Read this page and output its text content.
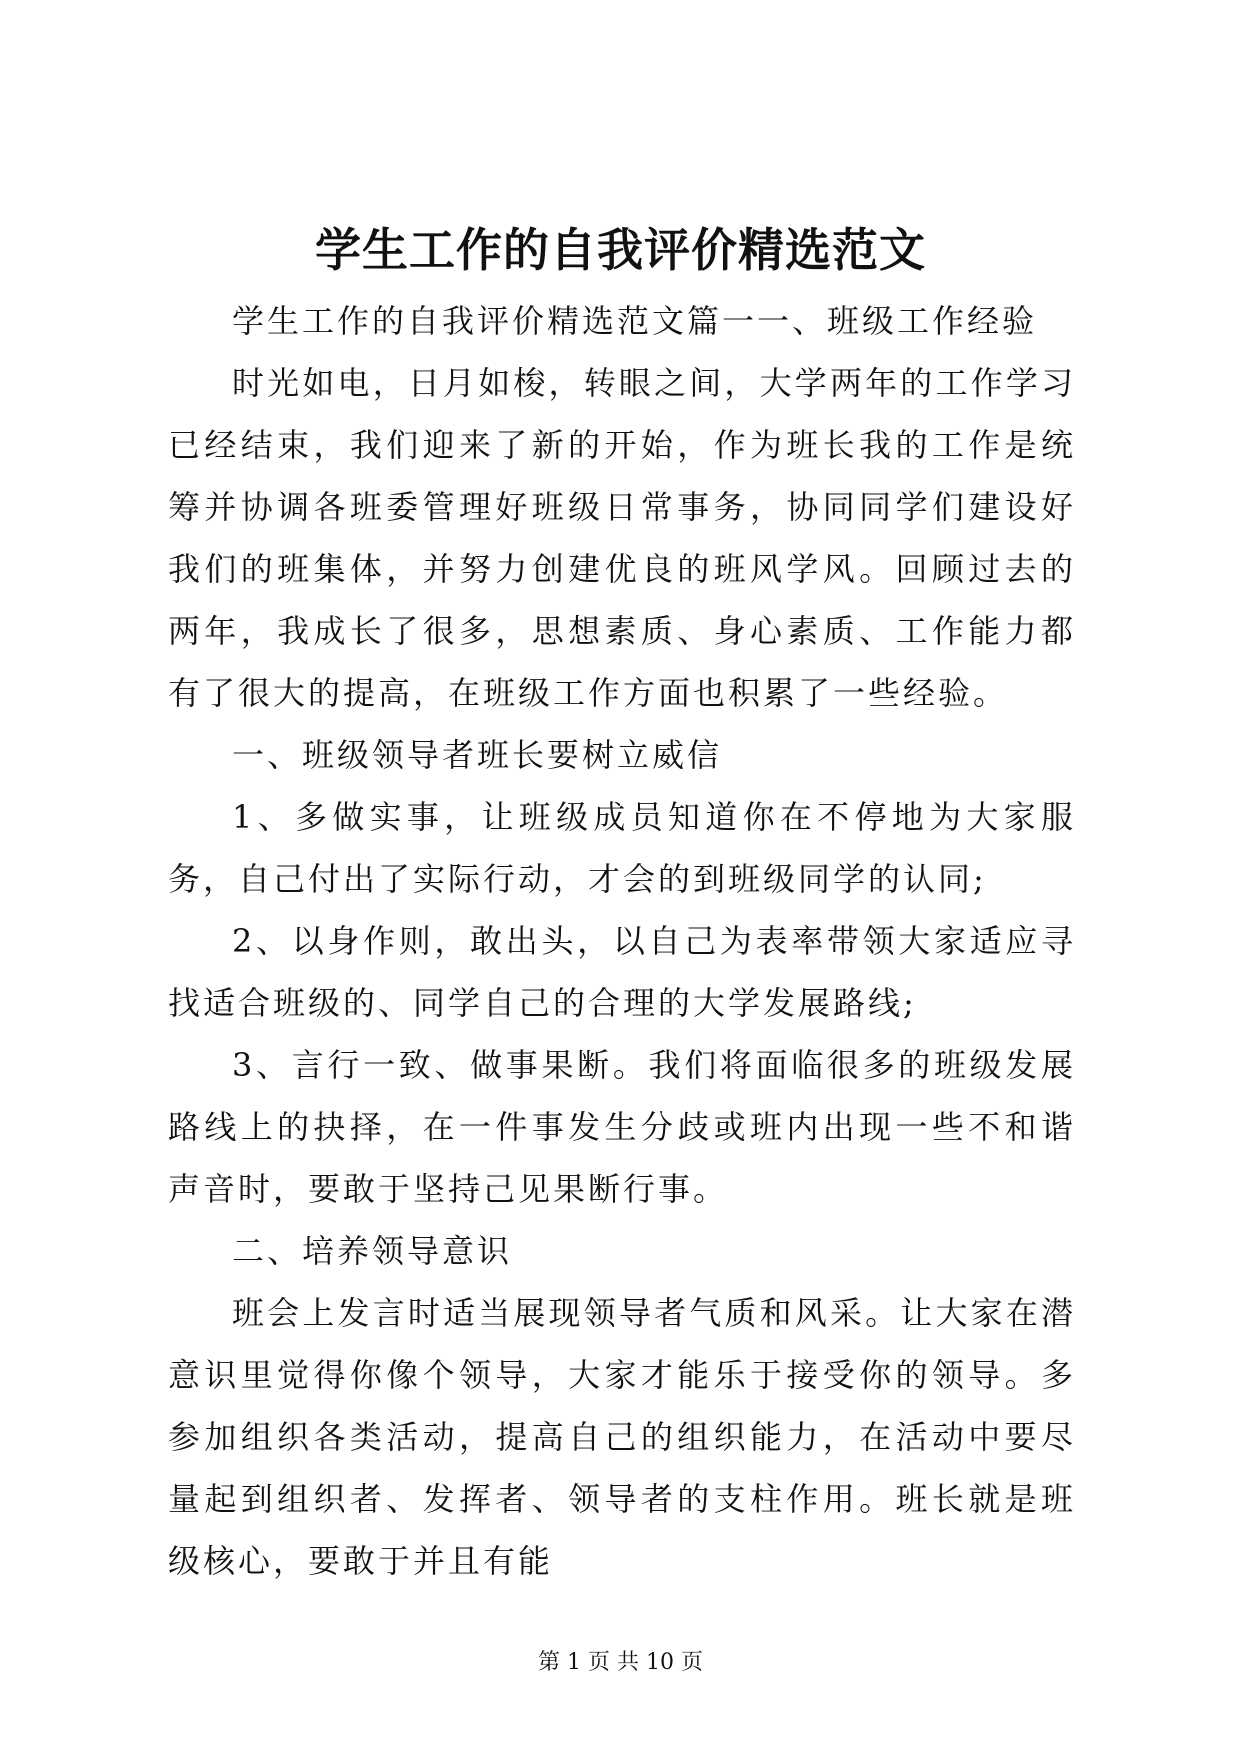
学生工作的自我评价精选范文

学生工作的自我评价精选范文篇一一、班级工作经验

时光如电，日月如梭，转眼之间，大学两年的工作学习已经结束，我们迎来了新的开始，作为班长我的工作是统筹并协调各班委管理好班级日常事务，协同同学们建设好我们的班集体，并努力创建优良的班风学风。回顾过去的两年，我成长了很多，思想素质、身心素质、工作能力都有了很大的提高，在班级工作方面也积累了一些经验。

一、班级领导者班长要树立威信

1、多做实事，让班级成员知道你在不停地为大家服务，自己付出了实际行动，才会的到班级同学的认同;

2、以身作则，敢出头，以自己为表率带领大家适应寻找适合班级的、同学自己的合理的大学发展路线;

3、言行一致、做事果断。我们将面临很多的班级发展路线上的抉择，在一件事发生分歧或班内出现一些不和谐声音时，要敢于坚持己见果断行事。

二、培养领导意识

班会上发言时适当展现领导者气质和风采。让大家在潜意识里觉得你像个领导，大家才能乐于接受你的领导。多参加组织各类活动，提高自己的组织能力，在活动中要尽量起到组织者、发挥者、领导者的支柱作用。班长就是班级核心，要敢于并且有能

第 1 页 共 10 页
